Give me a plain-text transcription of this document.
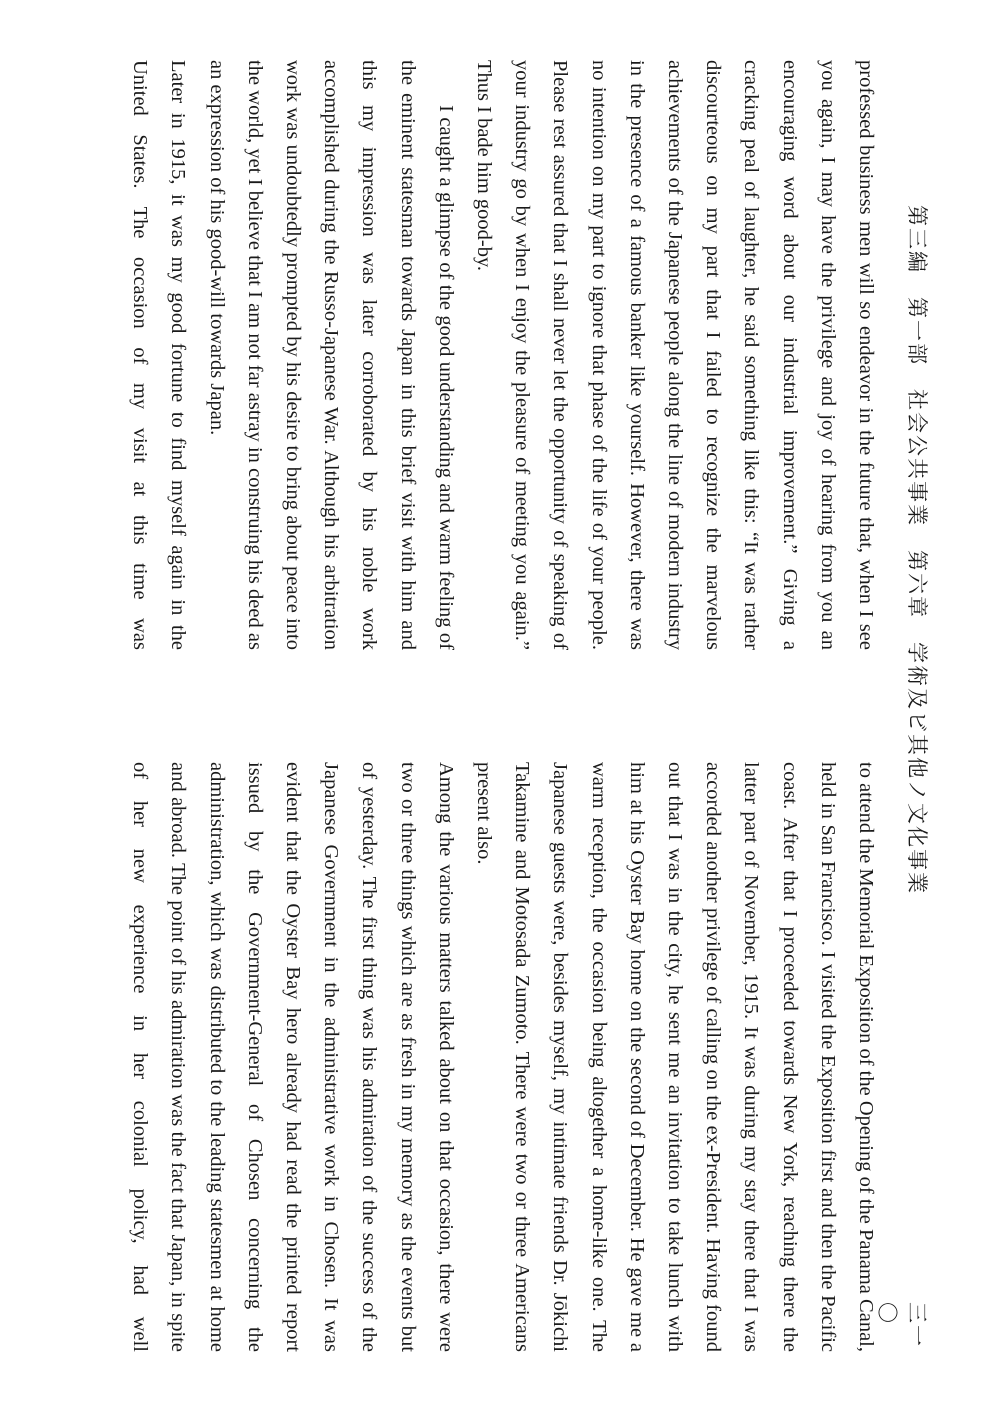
第三編　第一部　社会公共事業　第六章　学術及ビ其他ノ文化事業
三一〇

professed business men will so endeavor in the future that, when I see you again, I may have the privilege and joy of hearing from you an encouraging word about our industrial improvement.” Giving a cracking peal of laughter, he said something like this: “It was rather discourteous on my part that I failed to recognize the marvelous achievements of the Japanese people along the line of modern industry in the presence of a famous banker like yourself. However, there was no intention on my part to ignore that phase of the life of your people. Please rest assured that I shall never let the opportunity of speaking of your industry go by when I enjoy the pleasure of meeting you again.” Thus I bade him good-by.

I caught a glimpse of the good understanding and warm feeling of the eminent statesman towards Japan in this brief visit with him and this my impression was later corroborated by his noble work accomplished during the Russo-Japanese War. Although his arbitration work was undoubtedly prompted by his desire to bring about peace into the world, yet I believe that I am not far astray in construing his deed as an expression of his good-will towards Japan.

Later in 1915, it was my good fortune to find myself again in the United States. The occasion of my visit at this time was

to attend the Memorial Exposition of the Opening of the Panama Canal, held in San Francisco. I visited the Exposition first and then the Pacific coast. After that I proceeded towards New York, reaching there the latter part of November, 1915. It was during my stay there that I was accorded another privilege of calling on the ex-President. Having found out that I was in the city, he sent me an invitation to take lunch with him at his Oyster Bay home on the second of December. He gave me a warm reception, the occasion being altogether a home-like one. The Japanese guests were, besides myself, my intimate friends Dr. Jōkichi Takamine and Motosada Zumoto. There were two or three Americans present also.

Among the various matters talked about on that occasion, there were two or three things which are as fresh in my memory as the events but of yesterday. The first thing was his admiration of the success of the Japanese Government in the administrative work in Chosen. It was evident that the Oyster Bay hero already had read the printed report issued by the Government-General of Chosen concerning the administration, which was distributed to the leading statesmen at home and abroad. The point of his admiration was the fact that Japan, in spite of her new experience in her colonial policy, had well
